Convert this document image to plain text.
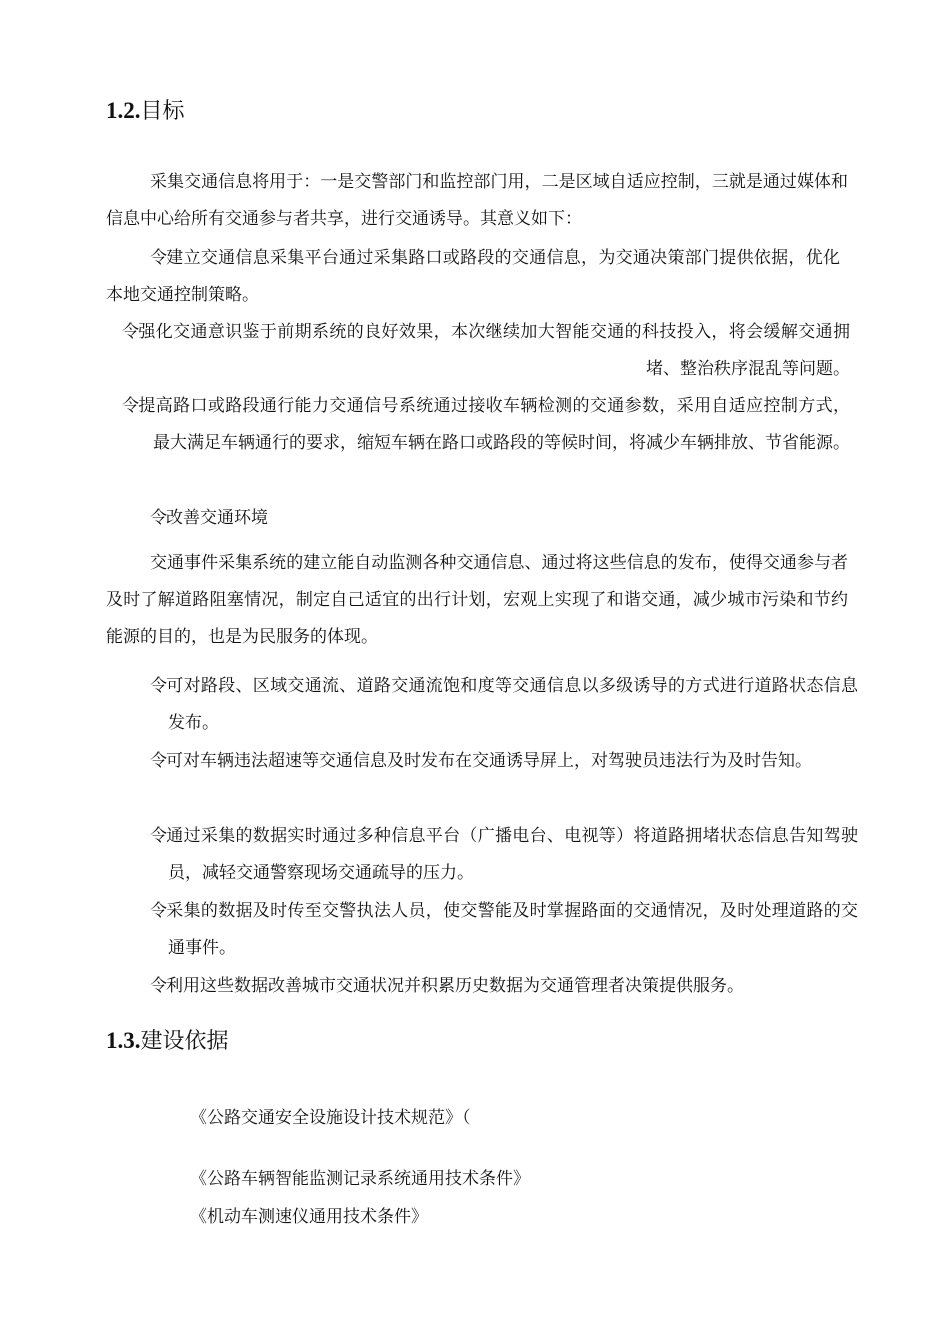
1.2.目标

采集交通信息将用于：一是交警部门和监控部门用，二是区域自适应控制，三就是通过媒体和信息中心给所有交通参与者共享，进行交通诱导。其意义如下：

令建立交通信息采集平台通过采集路口或路段的交通信息，为交通决策部门提供依据，优化本地交通控制策略。

令强化交通意识鉴于前期系统的良好效果，本次继续加大智能交通的科技投入，将会缓解交通拥堵、整治秩序混乱等问题。

令提高路口或路段通行能力交通信号系统通过接收车辆检测的交通参数，采用自适应控制方式，最大满足车辆通行的要求，缩短车辆在路口或路段的等候时间，将减少车辆排放、节省能源。

令改善交通环境

交通事件采集系统的建立能自动监测各种交通信息、通过将这些信息的发布，使得交通参与者及时了解道路阻塞情况，制定自己适宜的出行计划，宏观上实现了和谐交通，减少城市污染和节约能源的目的，也是为民服务的体现。

令可对路段、区域交通流、道路交通流饱和度等交通信息以多级诱导的方式进行道路状态信息发布。

令可对车辆违法超速等交通信息及时发布在交通诱导屏上，对驾驶员违法行为及时告知。

令通过采集的数据实时通过多种信息平台（广播电台、电视等）将道路拥堵状态信息告知驾驶员，减轻交通警察现场交通疏导的压力。

令采集的数据及时传至交警执法人员，使交警能及时掌握路面的交通情况，及时处理道路的交通事件。

令利用这些数据改善城市交通状况并积累历史数据为交通管理者决策提供服务。

1.3.建设依据

《公路交通安全设施设计技术规范》（

《公路车辆智能监测记录系统通用技术条件》

《机动车测速仪通用技术条件》
